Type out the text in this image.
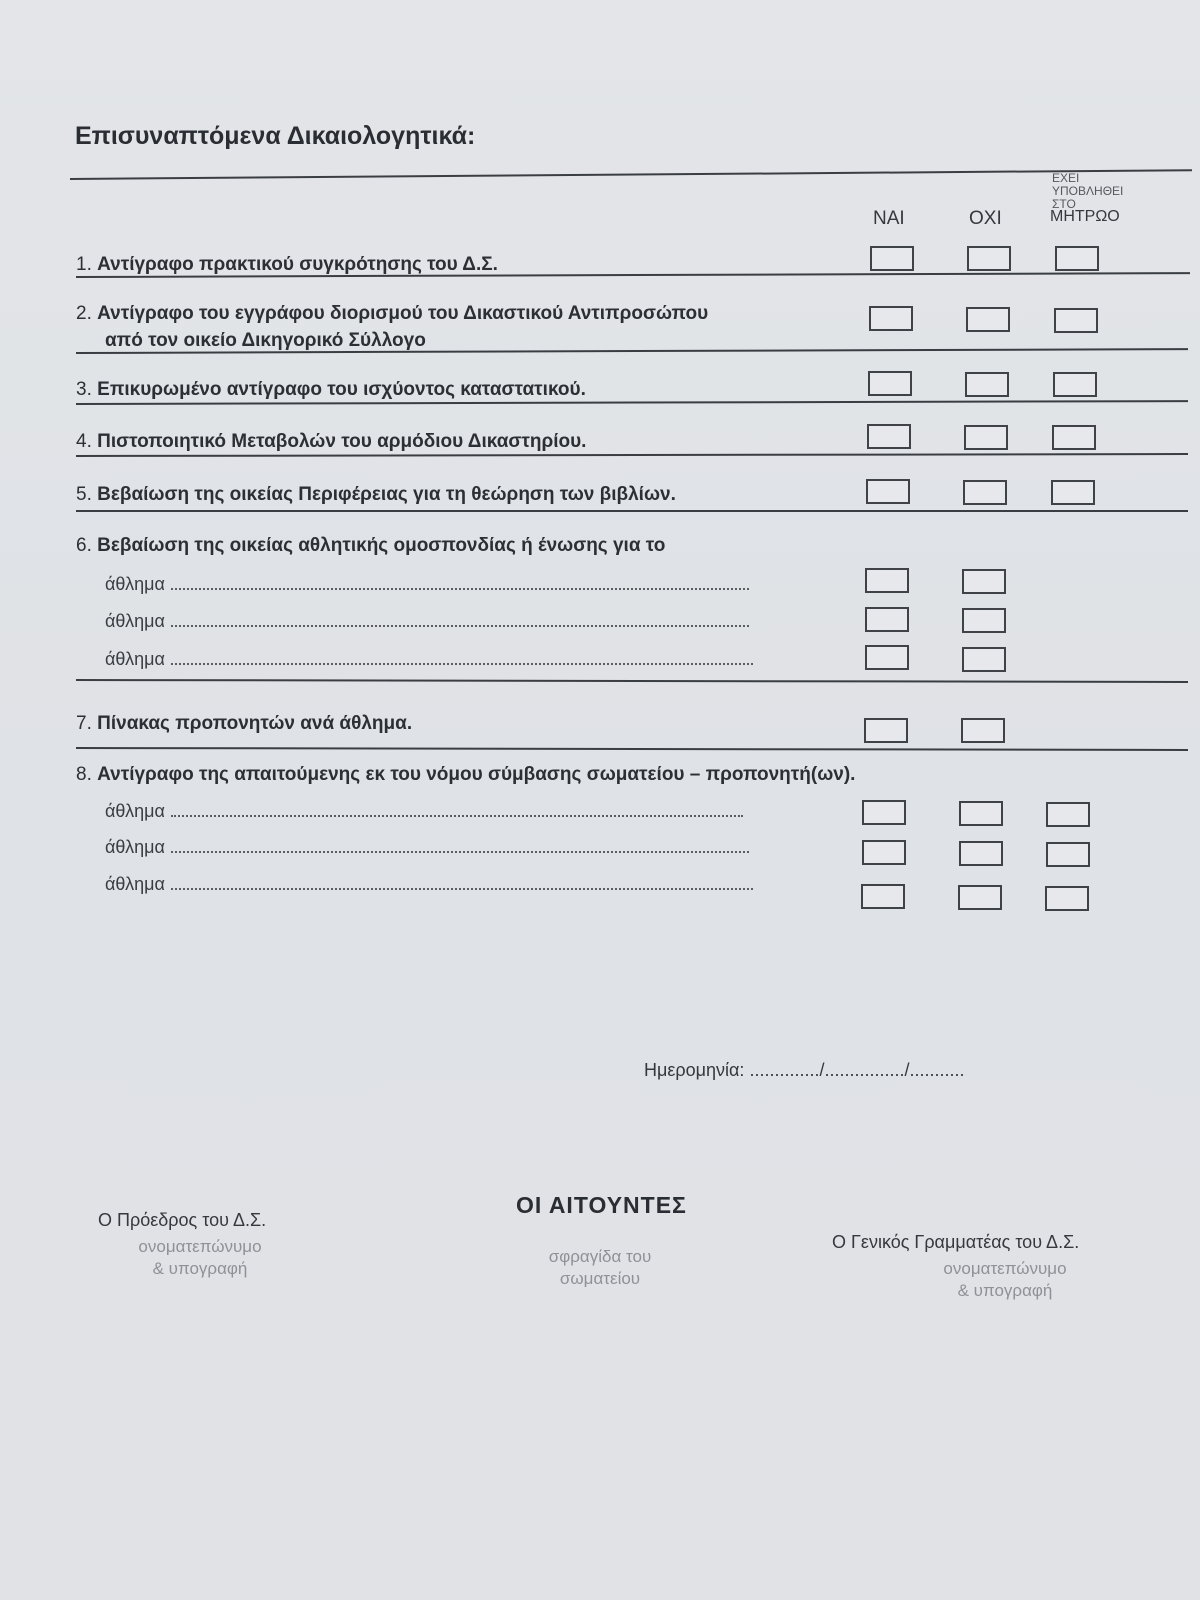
Επισυναπτόμενα Δικαιολογητικά:
ΝΑΙ	ΟΧΙ
ΕΧΕΙ ΥΠΟΒΛΗΘΕΙ
ΣΤΟ
ΜΗΤΡΩΟ
1. Αντίγραφο πρακτικού συγκρότησης του Δ.Σ.
2. Αντίγραφο του εγγράφου διορισμού του Δικαστικού Αντιπροσώπου
από τον οικείο Δικηγορικό Σύλλογο
3. Επικυρωμένο αντίγραφο του ισχύοντος καταστατικού.
4. Πιστοποιητικό Μεταβολών του αρμόδιου Δικαστηρίου.
5. Βεβαίωση της οικείας Περιφέρειας για τη θεώρηση των βιβλίων.
6. Βεβαίωση της οικείας αθλητικής ομοσπονδίας ή ένωσης για το
άθλημα
άθλημα
άθλημα
7. Πίνακας προπονητών ανά άθλημα.
8. Αντίγραφο της απαιτούμενης εκ του νόμου σύμβασης σωματείου – προπονητή(ων).
άθλημα
άθλημα
άθλημα
Ημερομηνία: ............../................/...........
ΟΙ ΑΙΤΟΥΝΤΕΣ
Ο Πρόεδρος του Δ.Σ.
ονοματεπώνυμο
& υπογραφή
σφραγίδα του
σωματείου
Ο Γενικός Γραμματέας του Δ.Σ.
ονοματεπώνυμο
& υπογραφή
